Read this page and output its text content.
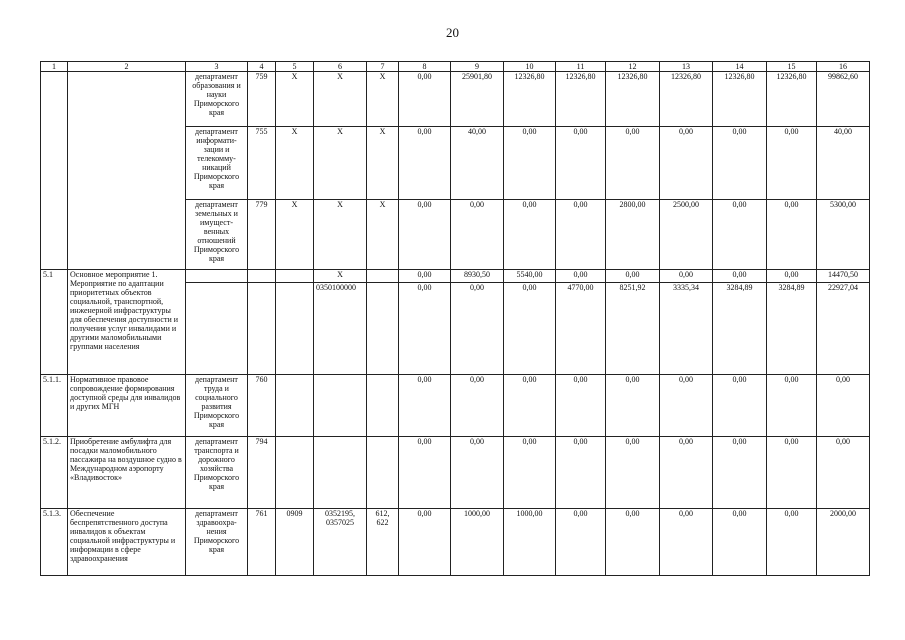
20
1	2	3	4	5	6	7	8	9	10	11	12	13	14	15	16
		департамент образования и науки Приморского края	759	X	X	X	0,00	25901,80	12326,80	12326,80	12326,80	12326,80	12326,80	12326,80	99862,60
		департамент информати-зации и телекомму-никаций Приморского края	755	X	X	X	0,00	40,00	0,00	0,00	0,00	0,00	0,00	0,00	40,00
		департамент земельных и имущест-венных отношений Приморского края	779	X	X	X	0,00	0,00	0,00	0,00	2800,00	2500,00	0,00	0,00	5300,00
5.1	Основное мероприятие 1. Мероприятие по адаптации приоритетных объектов социальной, транспортной, инженерной инфраструктуры для обеспечения доступности и получения услуг инвалидами и другими маломобильными группами населения				X		0,00	8930,50	5540,00	0,00	0,00	0,00	0,00	0,00	14470,50
					0350100000		0,00	0,00	0,00	4770,00	8251,92	3335,34	3284,89	3284,89	22927,04
5.1.1.	Нормативное правовое сопровождение формирования доступной среды для инвалидов и других МГН	департамент труда и социального развития Приморского края	760				0,00	0,00	0,00	0,00	0,00	0,00	0,00	0,00	0,00
5.1.2.	Приобретение амбулифта для посадки маломобильного пассажира на воздушное судно в Международном аэропорту «Владивосток»	департамент транспорта и дорожного хозяйства Приморского края	794				0,00	0,00	0,00	0,00	0,00	0,00	0,00	0,00	0,00
5.1.3.	Обеспечение беспрепятственного доступа инвалидов к объектам социальной инфраструктуры и информации в сфере здравоохранения	департамент здравоохра-нения Приморского края	761	0909	0352195, 0357025	612, 622	0,00	1000,00	1000,00	0,00	0,00	0,00	0,00	0,00	2000,00
